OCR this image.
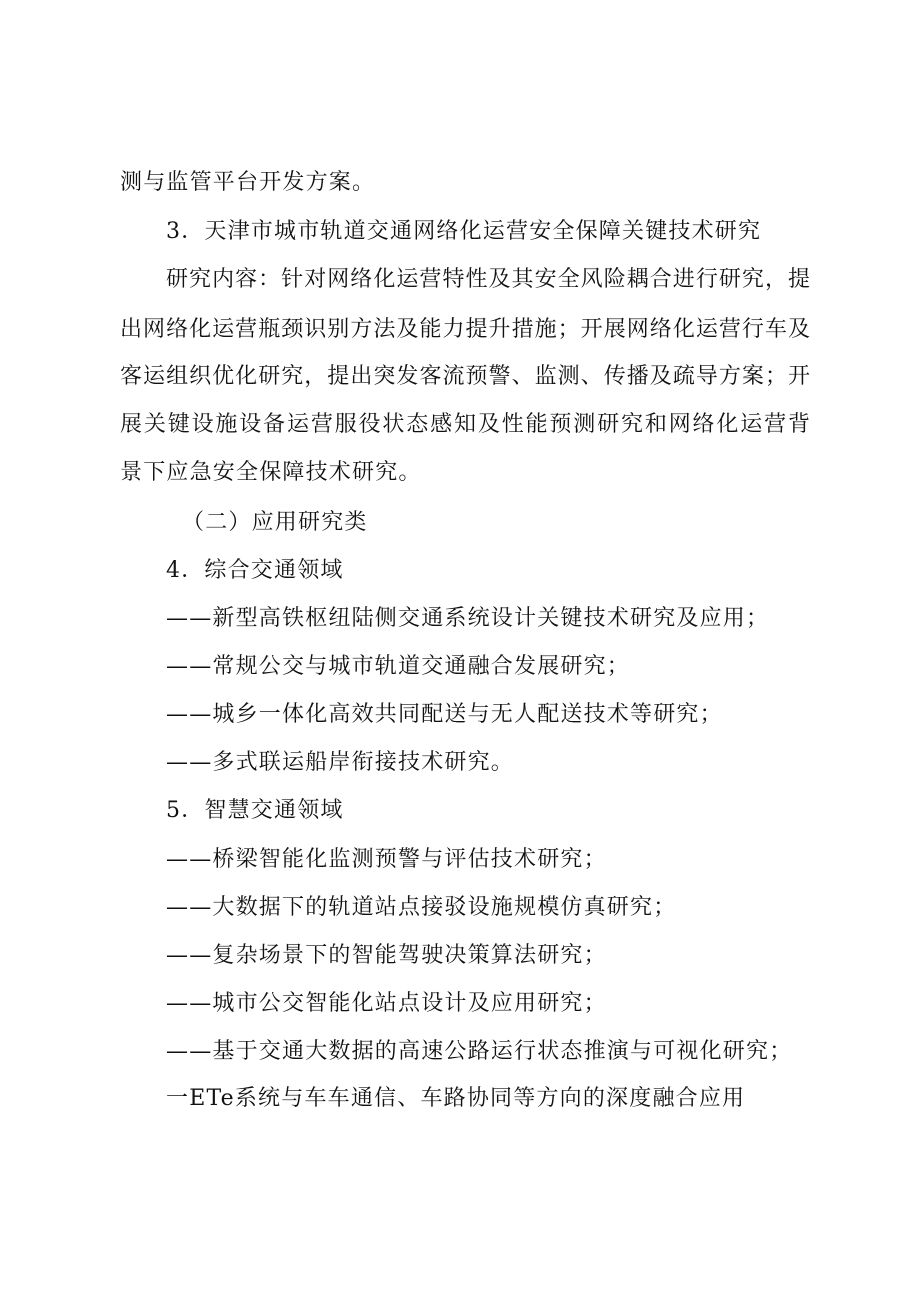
测与监管平台开发方案。
3．天津市城市轨道交通网络化运营安全保障关键技术研究
研究内容：针对网络化运营特性及其安全风险耦合进行研究，提
出网络化运营瓶颈识别方法及能力提升措施；开展网络化运营行车及
客运组织优化研究，提出突发客流预警、监测、传播及疏导方案；开
展关键设施设备运营服役状态感知及性能预测研究和网络化运营背
景下应急安全保障技术研究。
（二）应用研究类
4．综合交通领域
——新型高铁枢纽陆侧交通系统设计关键技术研究及应用；
——常规公交与城市轨道交通融合发展研究；
——城乡一体化高效共同配送与无人配送技术等研究；
——多式联运船岸衔接技术研究。
5．智慧交通领域
——桥梁智能化监测预警与评估技术研究；
——大数据下的轨道站点接驳设施规模仿真研究；
——复杂场景下的智能驾驶决策算法研究；
——城市公交智能化站点设计及应用研究；
——基于交通大数据的高速公路运行状态推演与可视化研究；
一ETe系统与车车通信、车路协同等方向的深度融合应用
